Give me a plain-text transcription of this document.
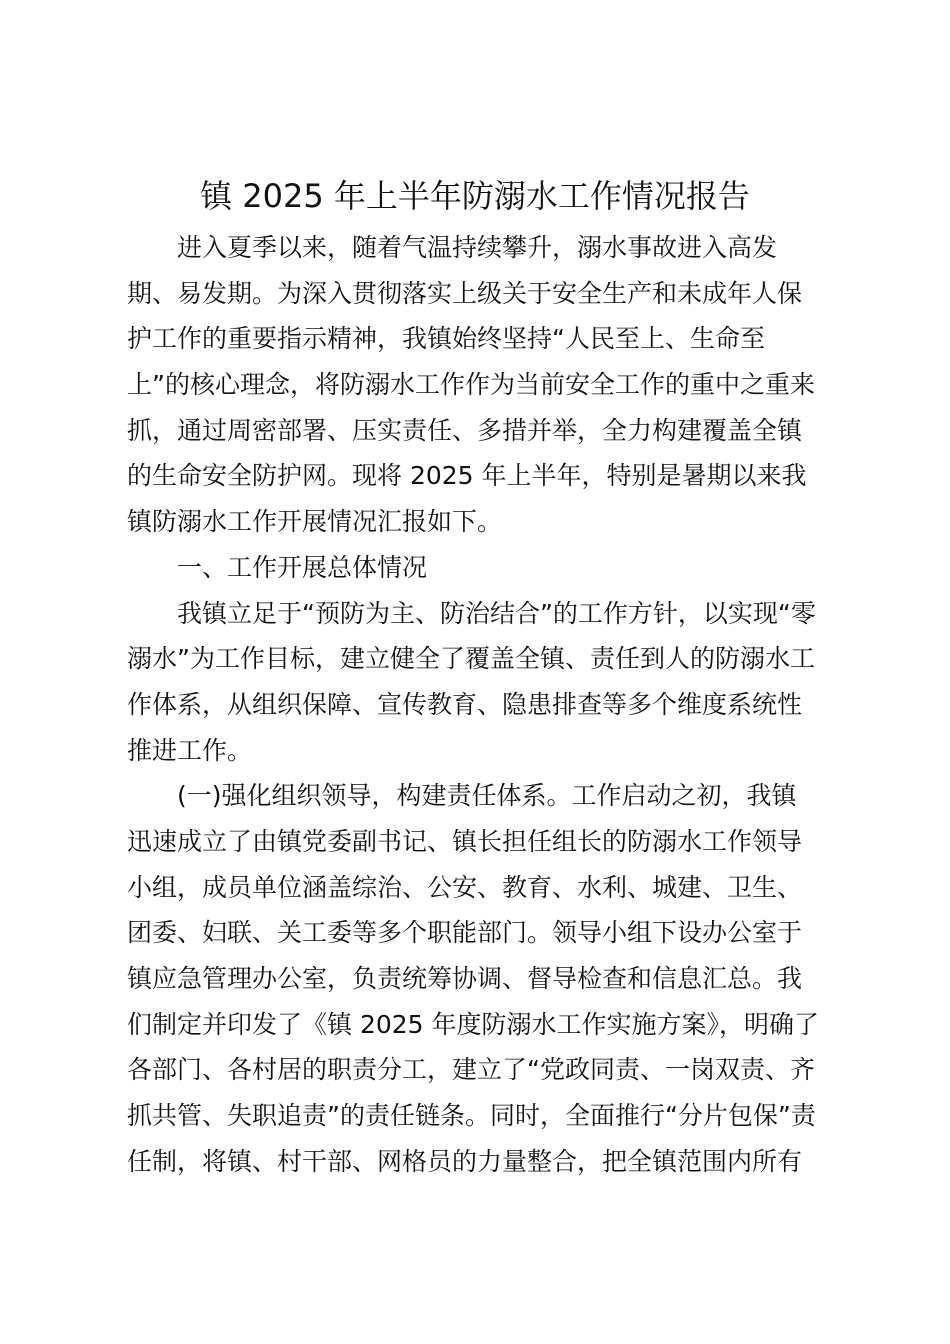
镇 2025 年上半年防溺水工作情况报告
进入夏季以来，随着气温持续攀升，溺水事故进入高发
期、易发期。为深入贯彻落实上级关于安全生产和未成年人保
护工作的重要指示精神，我镇始终坚持“人民至上、生命至
上”的核心理念，将防溺水工作作为当前安全工作的重中之重来
抓，通过周密部署、压实责任、多措并举，全力构建覆盖全镇
的生命安全防护网。现将 2025 年上半年，特别是暑期以来我
镇防溺水工作开展情况汇报如下。
一、工作开展总体情况
我镇立足于“预防为主、防治结合”的工作方针，以实现“零
溺水”为工作目标，建立健全了覆盖全镇、责任到人的防溺水工
作体系，从组织保障、宣传教育、隐患排查等多个维度系统性
推进工作。
(一)强化组织领导，构建责任体系。工作启动之初，我镇
迅速成立了由镇党委副书记、镇长担任组长的防溺水工作领导
小组，成员单位涵盖综治、公安、教育、水利、城建、卫生、
团委、妇联、关工委等多个职能部门。领导小组下设办公室于
镇应急管理办公室，负责统筹协调、督导检查和信息汇总。我
们制定并印发了《镇 2025 年度防溺水工作实施方案》，明确了
各部门、各村居的职责分工，建立了“党政同责、一岗双责、齐
抓共管、失职追责”的责任链条。同时，全面推行“分片包保”责
任制，将镇、村干部、网格员的力量整合，把全镇范围内所有
